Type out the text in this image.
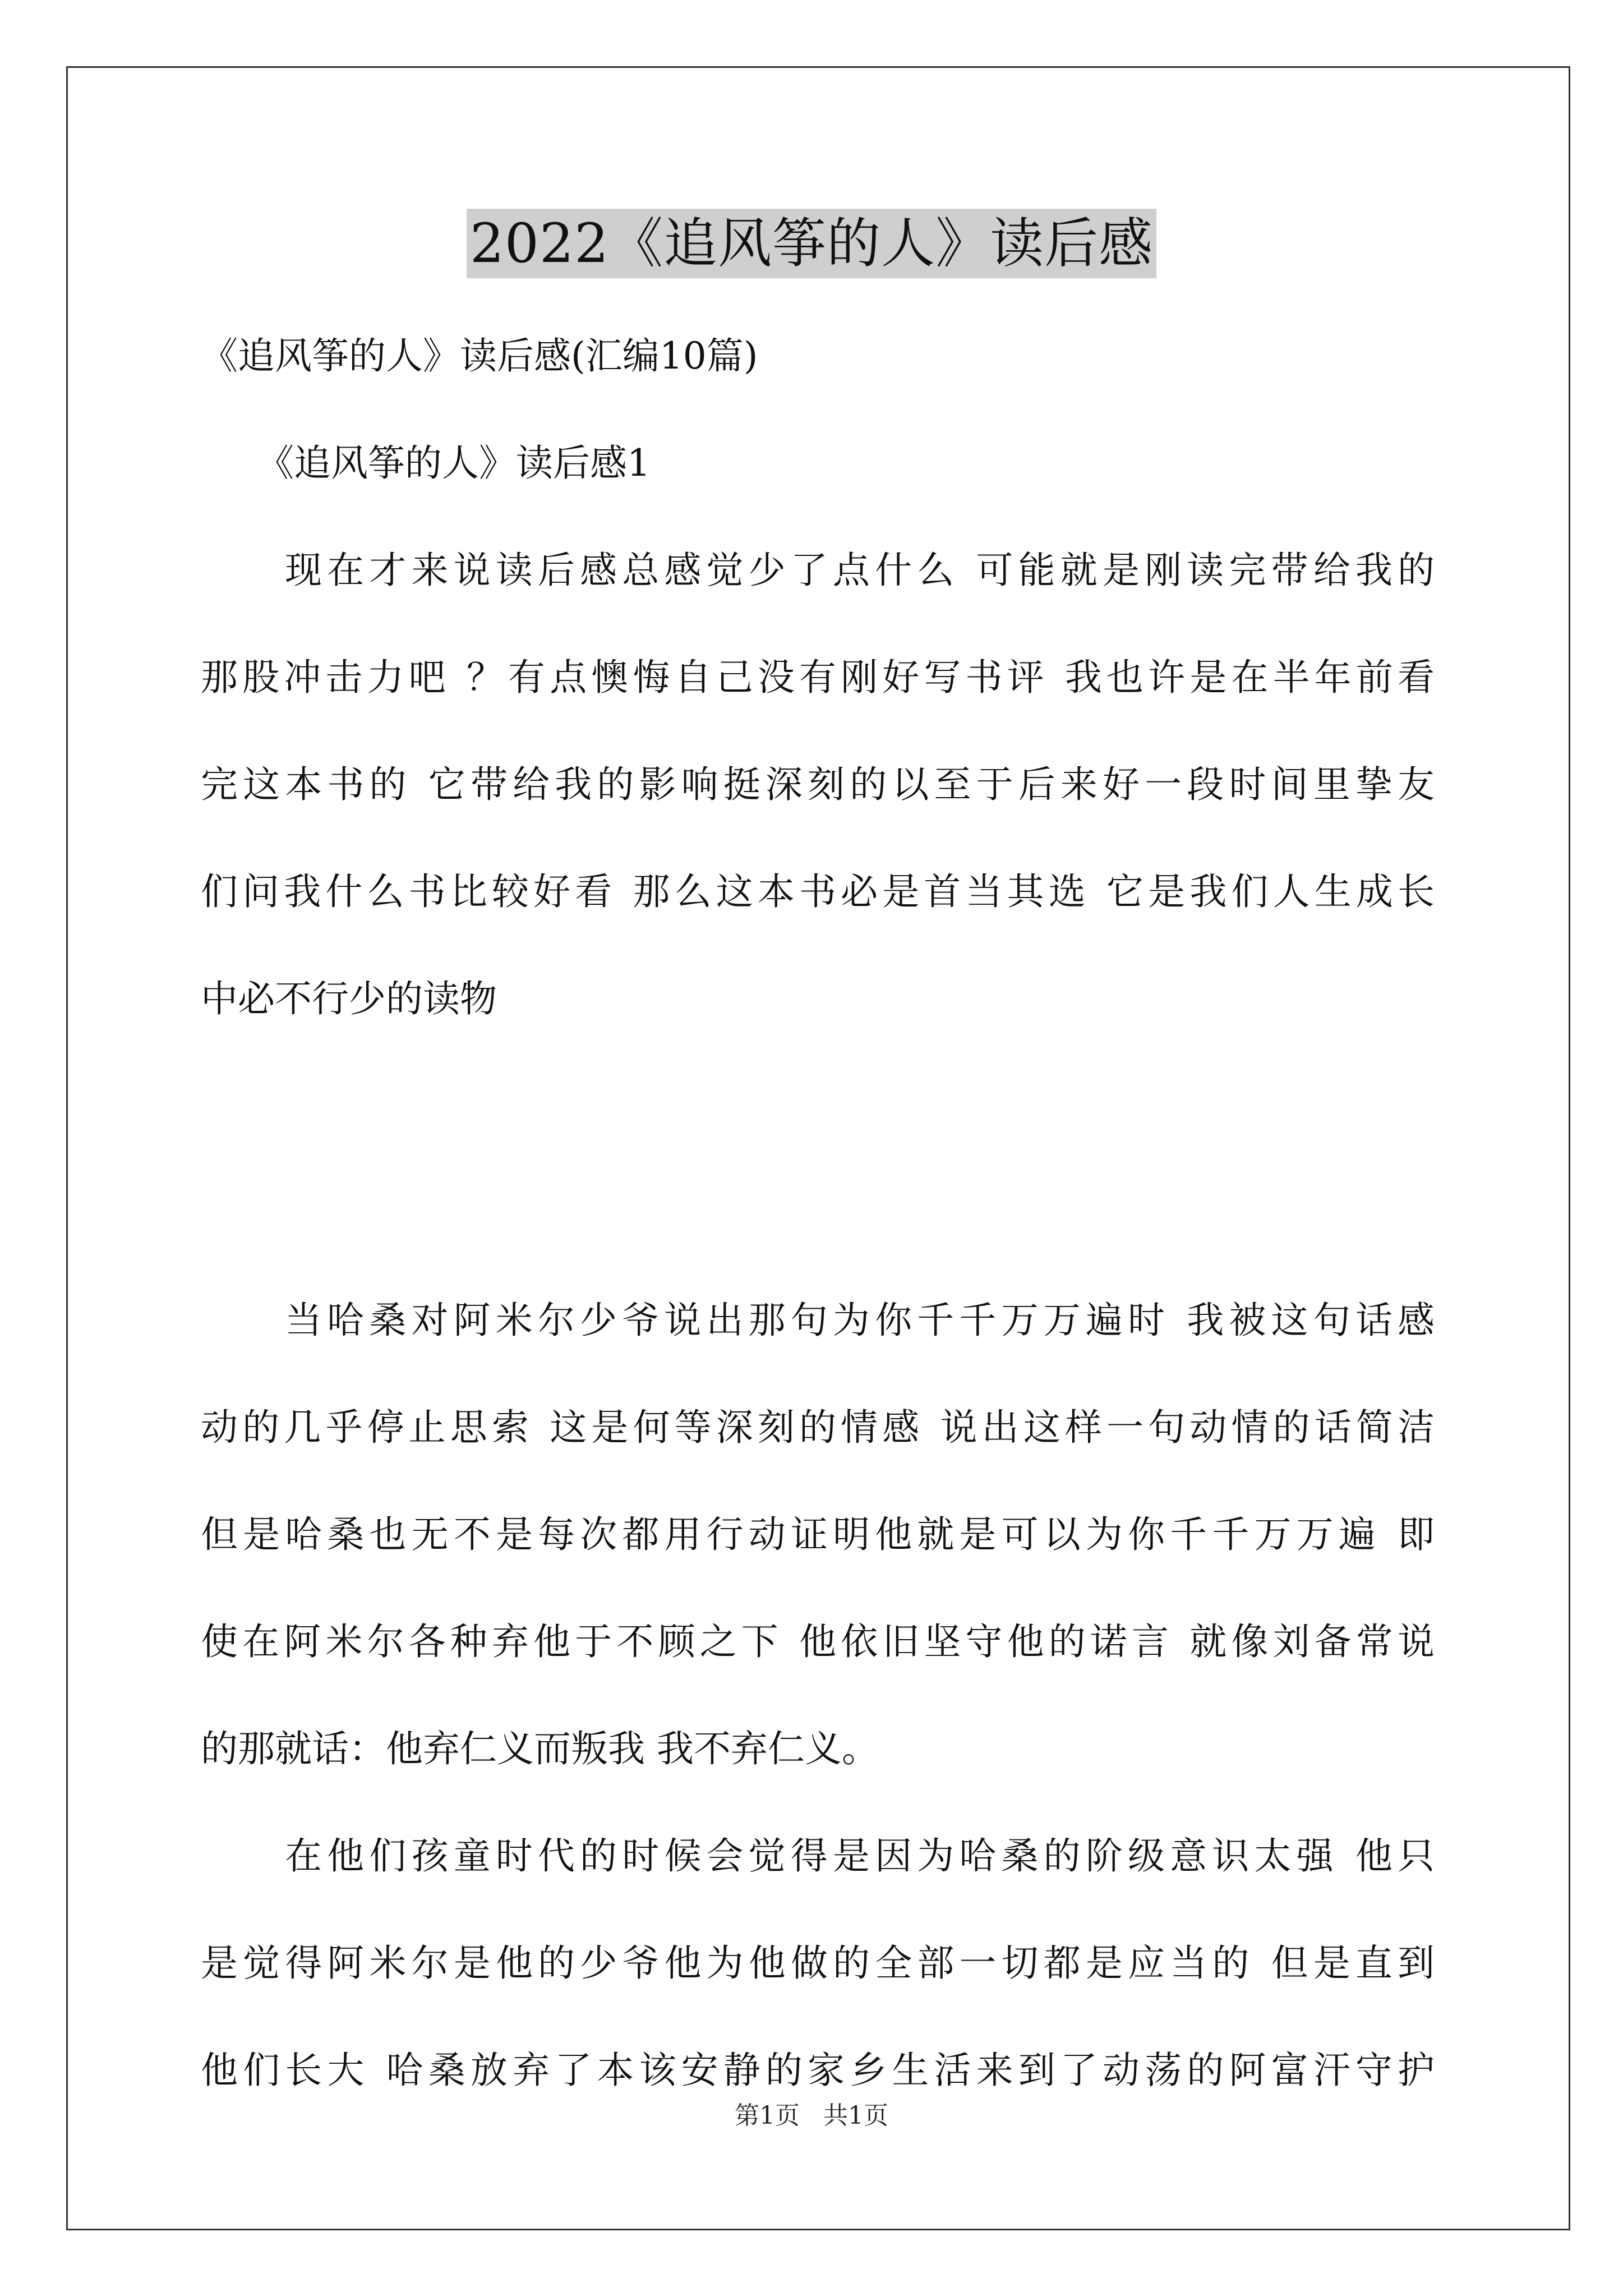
2022《追风筝的人》读后感
《追风筝的人》读后感(汇编10篇)
《追风筝的人》读后感1
现在才来说读后感总感觉少了点什么 可能就是刚读完带给我的
那股冲击力吧 ？有点懊悔自己没有刚好写书评 我也许是在半年前看
完这本书的 它带给我的影响挺深刻的以至于后来好一段时间里挚友
们问我什么书比较好看 那么这本书必是首当其选 它是我们人生成长
中必不行少的读物
当哈桑对阿米尔少爷说出那句为你千千万万遍时 我被这句话感
动的几乎停止思索 这是何等深刻的情感 说出这样一句动情的话简洁
但是哈桑也无不是每次都用行动证明他就是可以为你千千万万遍 即
使在阿米尔各种弃他于不顾之下 他依旧坚守他的诺言 就像刘备常说
的那就话：他弃仁义而叛我 我不弃仁义。
在他们孩童时代的时候会觉得是因为哈桑的阶级意识太强 他只
是觉得阿米尔是他的少爷他为他做的全部一切都是应当的 但是直到
他们长大 哈桑放弃了本该安静的家乡生活来到了动荡的阿富汗守护
第1页 共1页
